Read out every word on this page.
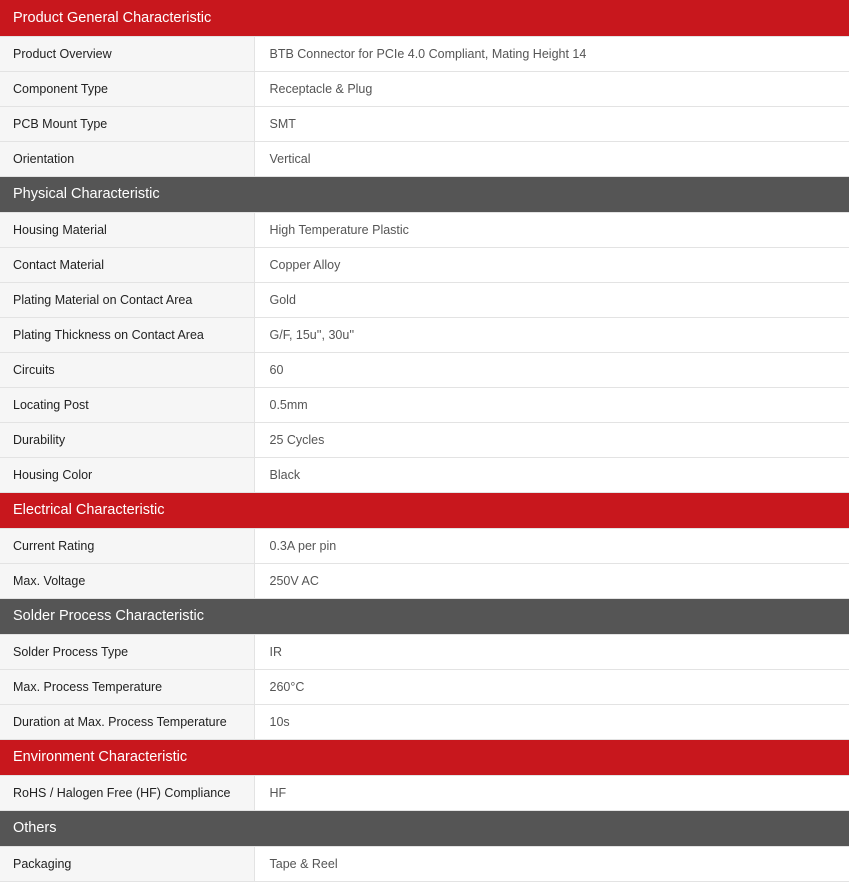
Product General Characteristic	
Product Overview	BTB Connector for PCIe 4.0 Compliant, Mating Height 14
Component Type	Receptacle & Plug
PCB Mount Type	SMT
Orientation	Vertical
Physical Characteristic	
Housing Material	High Temperature Plastic
Contact Material	Copper Alloy
Plating Material on Contact Area	Gold
Plating Thickness on Contact Area	G/F, 15u'', 30u''
Circuits	60
Locating Post	0.5mm
Durability	25 Cycles
Housing Color	Black
Electrical Characteristic	
Current Rating	0.3A per pin
Max. Voltage	250V AC
Solder Process Characteristic	
Solder Process Type	IR
Max. Process Temperature	260°C
Duration at Max. Process Temperature	10s
Environment Characteristic	
RoHS / Halogen Free (HF) Compliance	HF
Others	
Packaging	Tape & Reel
